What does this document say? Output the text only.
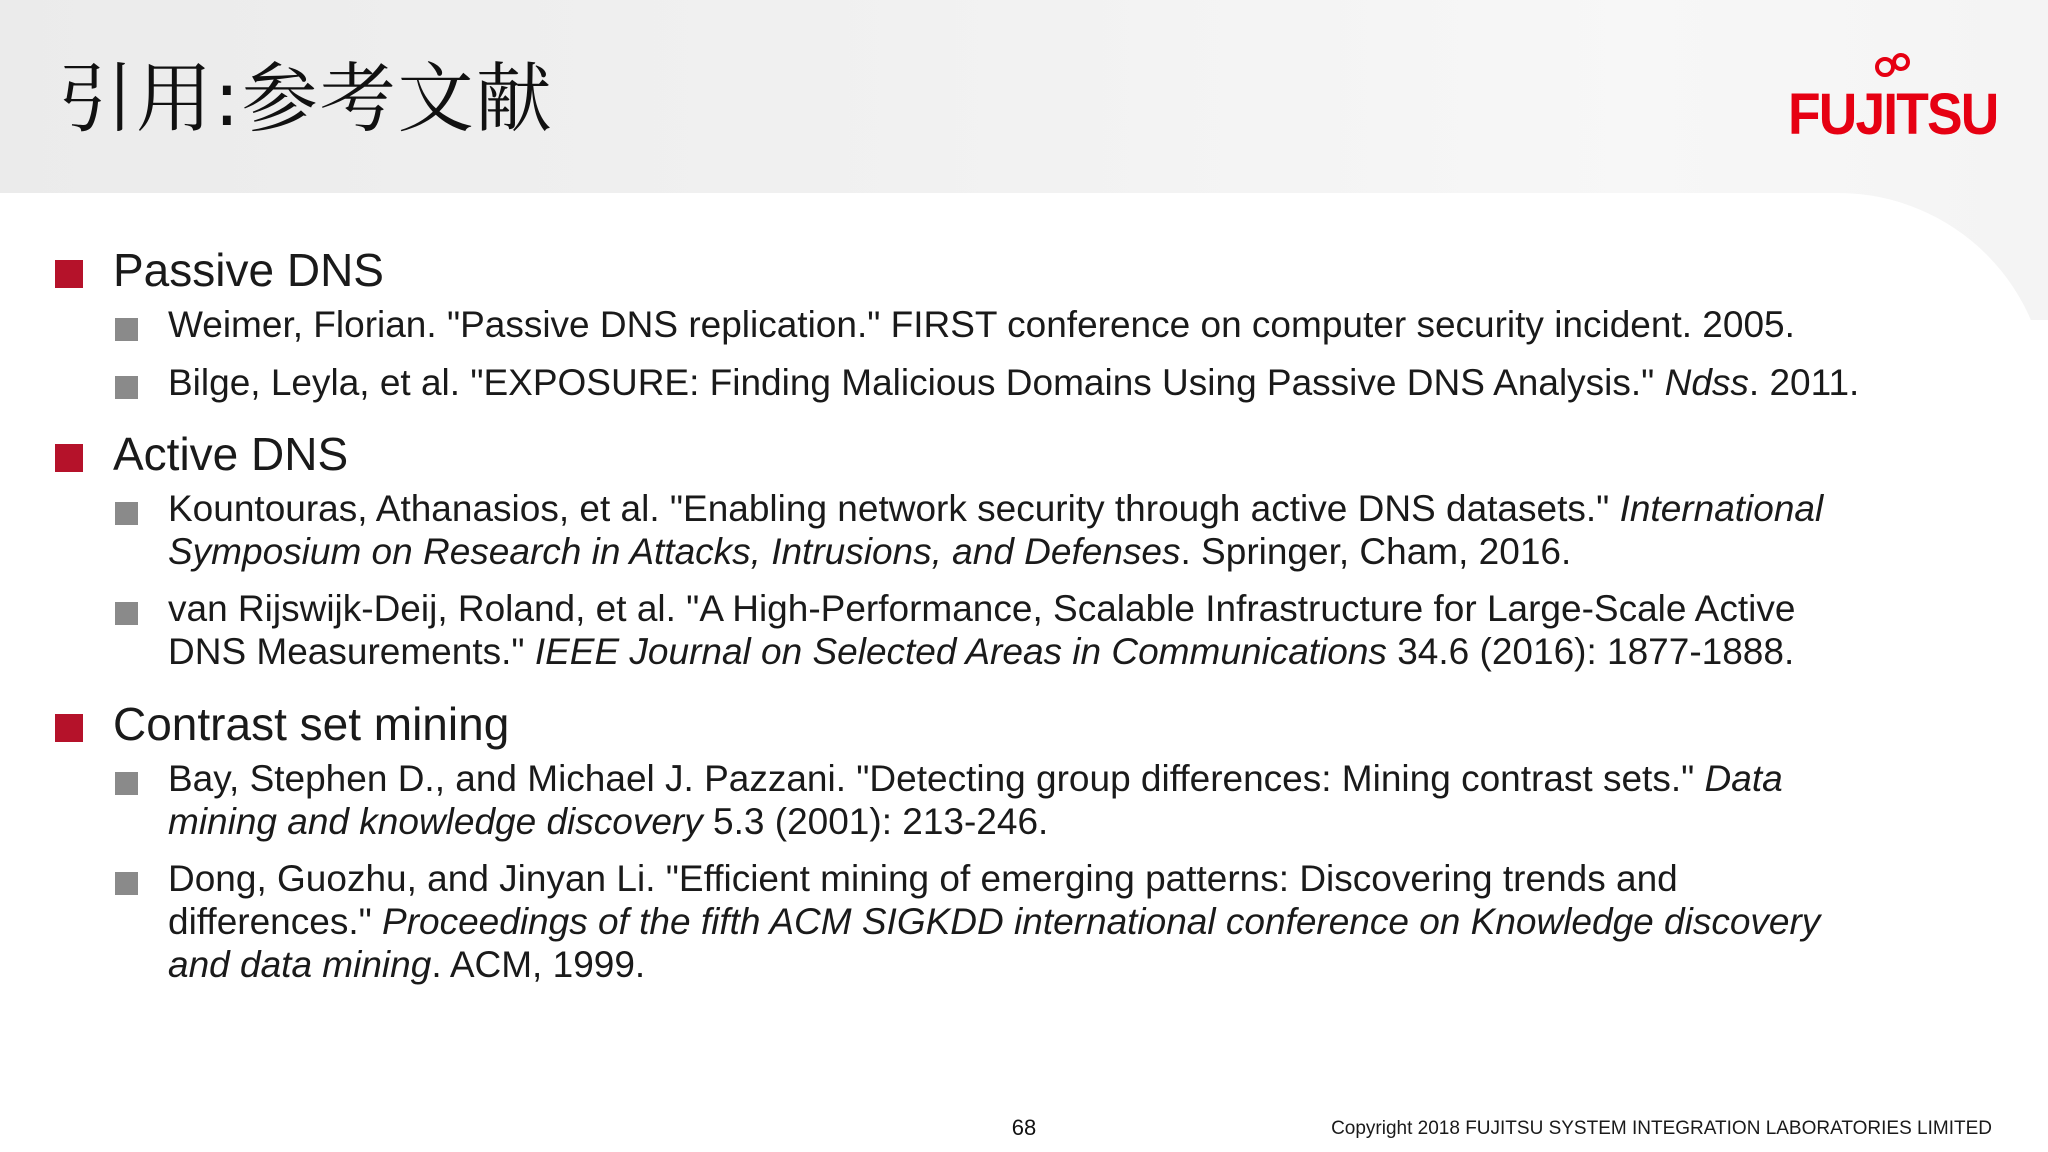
引用:参考文献	FUJITSU
Passive DNS
Weimer, Florian. "Passive DNS replication." FIRST conference on computer security incident. 2005.
Bilge, Leyla, et al. "EXPOSURE: Finding Malicious Domains Using Passive DNS Analysis." Ndss. 2011.
Active DNS
Kountouras, Athanasios, et al. "Enabling network security through active DNS datasets." International
Symposium on Research in Attacks, Intrusions, and Defenses. Springer, Cham, 2016.
van Rijswijk-Deij, Roland, et al. "A High-Performance, Scalable Infrastructure for Large-Scale Active
DNS Measurements." IEEE Journal on Selected Areas in Communications 34.6 (2016): 1877-1888.
Contrast set mining
Bay, Stephen D., and Michael J. Pazzani. "Detecting group differences: Mining contrast sets." Data
mining and knowledge discovery 5.3 (2001): 213-246.
Dong, Guozhu, and Jinyan Li. "Efficient mining of emerging patterns: Discovering trends and
differences." Proceedings of the fifth ACM SIGKDD international conference on Knowledge discovery
and data mining. ACM, 1999.
68	Copyright 2018 FUJITSU SYSTEM INTEGRATION LABORATORIES LIMITED
